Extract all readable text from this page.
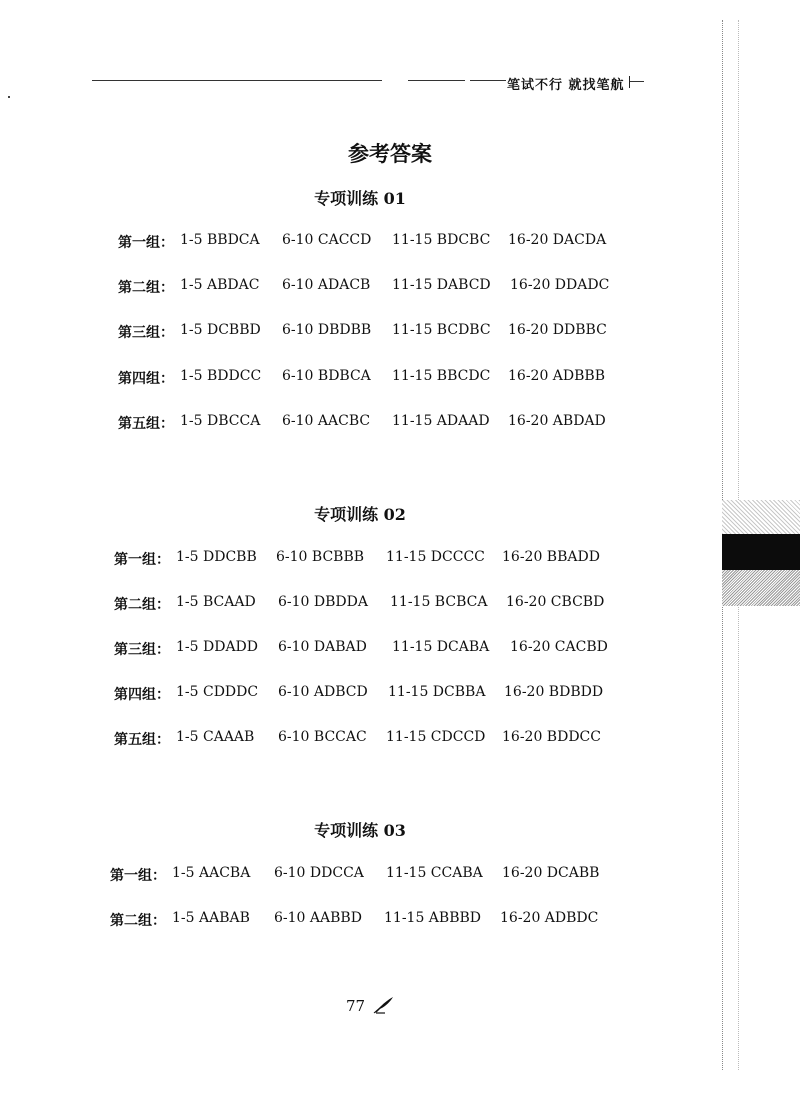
笔试不行 就找笔航
参考答案
专项训练 01
第一组： 1-5 BBDCA 6-10 CACCD 11-15 BDCBC 16-20 DACDA
第二组： 1-5 ABDAC 6-10 ADACB 11-15 DABCD 16-20 DDADC
第三组： 1-5 DCBBD 6-10 DBDBB 11-15 BCDBC 16-20 DDBBC
第四组： 1-5 BDDCC 6-10 BDBCA 11-15 BBCDC 16-20 ADBBB
第五组： 1-5 DBCCA 6-10 AACBC 11-15 ADAAD 16-20 ABDAD
专项训练 02
第一组： 1-5 DDCBB 6-10 BCBBB 11-15 DCCCC 16-20 BBADD
第二组： 1-5 BCAAD 6-10 DBDDA 11-15 BCBCA 16-20 CBCBD
第三组： 1-5 DDADD 6-10 DABAD 11-15 DCABA 16-20 CACBD
第四组： 1-5 CDDDC 6-10 ADBCD 11-15 DCBBA 16-20 BDBDD
第五组： 1-5 CAAAB 6-10 BCCAC 11-15 CDCCD 16-20 BDDCC
专项训练 03
第一组： 1-5 AACBA 6-10 DDCCA 11-15 CCABA 16-20 DCABB
第二组： 1-5 AABAB 6-10 AABBD 11-15 ABBBD 16-20 ADBDC
77
